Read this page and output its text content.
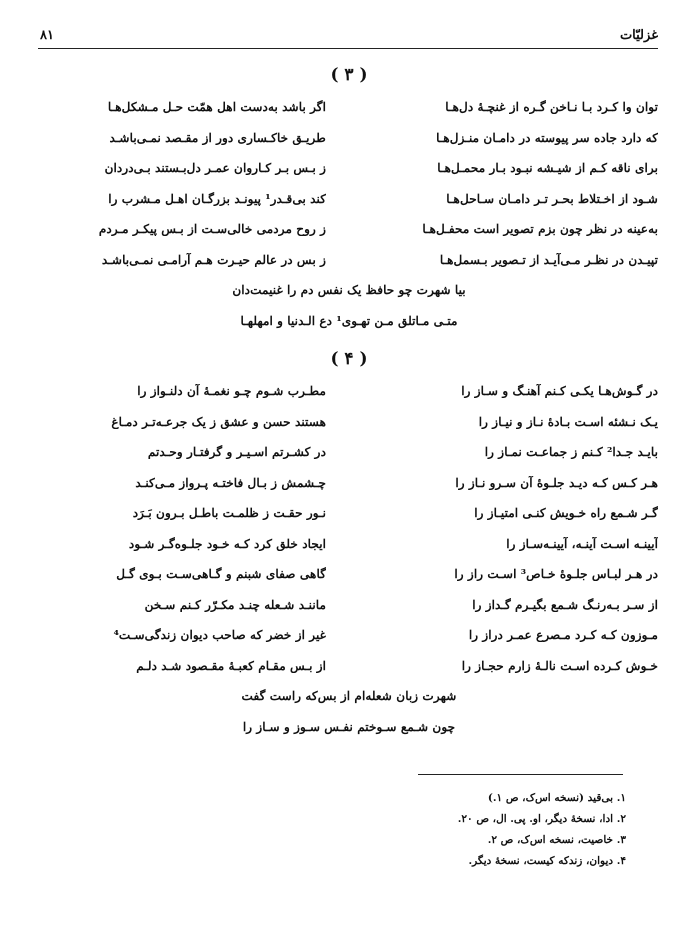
۸۱	غزلیّات
( ۳ )
اگر باشد به‌دست اهل همّت حـل مـشکل‌هـا	توان وا کـرد بـا نـاخن گـره از غنچـهٔ دل‌هـا
طریـق خاکـساری دور از مقـصد نمـی‌باشـد	که دارد جاده سر پیوسته در دامـان منـزل‌هـا
ز بـس بـر کـاروان عمـر دل‌بـستند بـی‌دردان	برای ناقه کـم از شیـشه نبـود بـار محمـل‌هـا
کند بی‌قـدر¹ پیونـد بزرگـان اهـل مـشرب را	شـود از اخـتلاط بحـر تـر دامـان سـاحل‌هـا
ز روح مردمی خالی‌سـت از بـس پیکـر مـردم	به‌عینه در نظر چون بزم تصویر است محفـل‌هـا
ز بس در عالم حیـرت هـم آرامـی نمـی‌باشـد	تپیـدن در نظـر مـی‌آیـد از تـصویر بـسمل‌هـا
بیا شهرت چو حافظ یک نفس دم را غنیمت‌دان
متـی مـاتلق مـن تهـوی¹ دع الـدنیا و امهلهـا
( ۴ )
مطـرب شـوم چـو نغمـهٔ آن دلنـواز را	در گـوش‌هـا یکـی کـنم آهنـگ و سـاز را
هستند حسن و عشق ز یک جرعـه‌تـر دمـاغ	یـک نـشئه اسـت بـادهٔ نـاز و نیـاز را
در کشـرتم اسـیـر و گرفتـار وحـدتم	بایـد جـدا² کـنم ز جماعـت نمـاز را
چـشمش ز بـال فاختـه پـرواز مـی‌کنـد	هـر کـس کـه دیـد جلـوهٔ آن سـرو نـاز را
نـور حقـت ز ظلمـت باطـل بـرون بَـرَد	گـر شـمع راه خـویش کنـی امتیـاز را
ایجاد خلق کرد کـه خـود جلـوه‌گـر شـود	آیینـه اسـت آینـه، آیینـه‌سـاز را
گاهی صفای شبنم و گـاهی‌سـت بـوی گـل	در هـر لبـاس جلـوهٔ خـاص³ اسـت راز را
ماننـد شـعله چنـد مکـرّر کـنم سـخن	از سـر بـه‌رنـگ شـمع بگیـرم گـداز را
غیر از خضر که صاحب دیوان زندگی‌سـت⁴	مـوزون کـه کـرد مـصرع عمـر دراز را
از بـس مقـام کعبـهٔ مقـصود شـد دلـم	خـوش کـرده اسـت نالـهٔ زارم حجـاز را
شهرت زبان شعله‌ام از بس‌که راست گفت
چون شـمع سـوختم نفـس سـوز و سـاز را
۱. بی‌قید (نسخه اس‌ک، ص ۱.)
۲. ادا، نسخهٔ دیگر، او. پی. ال، ص ۲۰.
۳. خاصیت، نسخه اس‌ک، ص ۲.
۴. دیوان، زندکه کیست، نسخهٔ دیگر.
